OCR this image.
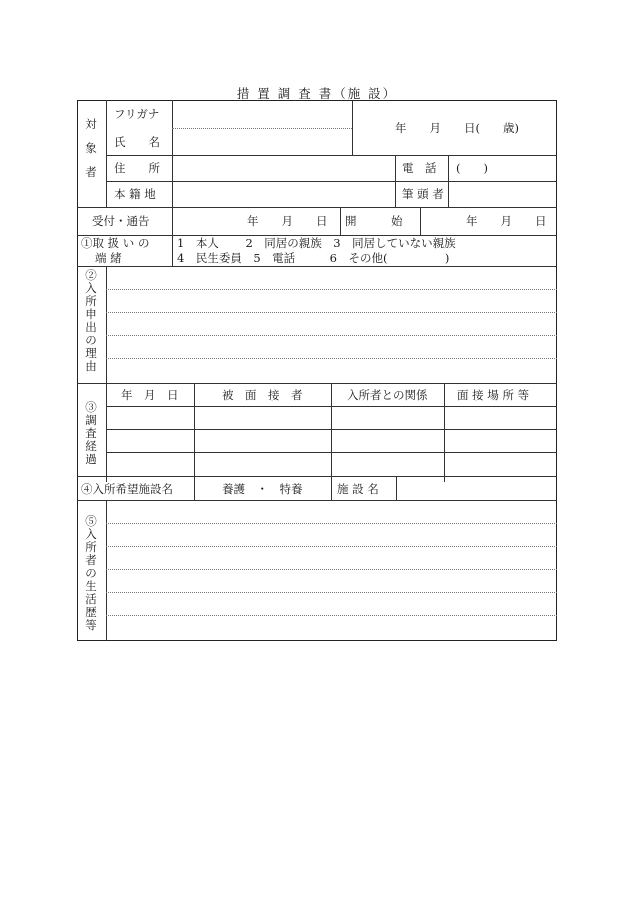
措 置 調 査 書（施 設）
対
象
者
フリガナ
氏　　名
年　　月　　日(　　歳)
住　　所	電　話 (　　)
本 籍 地	筆 頭 者
受付・通告	年　　月　　日 開　　　始	年　　月　　日
①取 扱 い の
端 緒
1　本人　　 2　同居の親族　3　同居していない親族
4　民生委員　5　電話　　　6　その他(　　　　　)
②入所申出の理由
③調査経過
年　月　日	被　面　接　者	入所者との関係	面 接 場 所 等
④入所希望施設名	養護　・　特養	施 設 名
⑤入所者の生活歴等
